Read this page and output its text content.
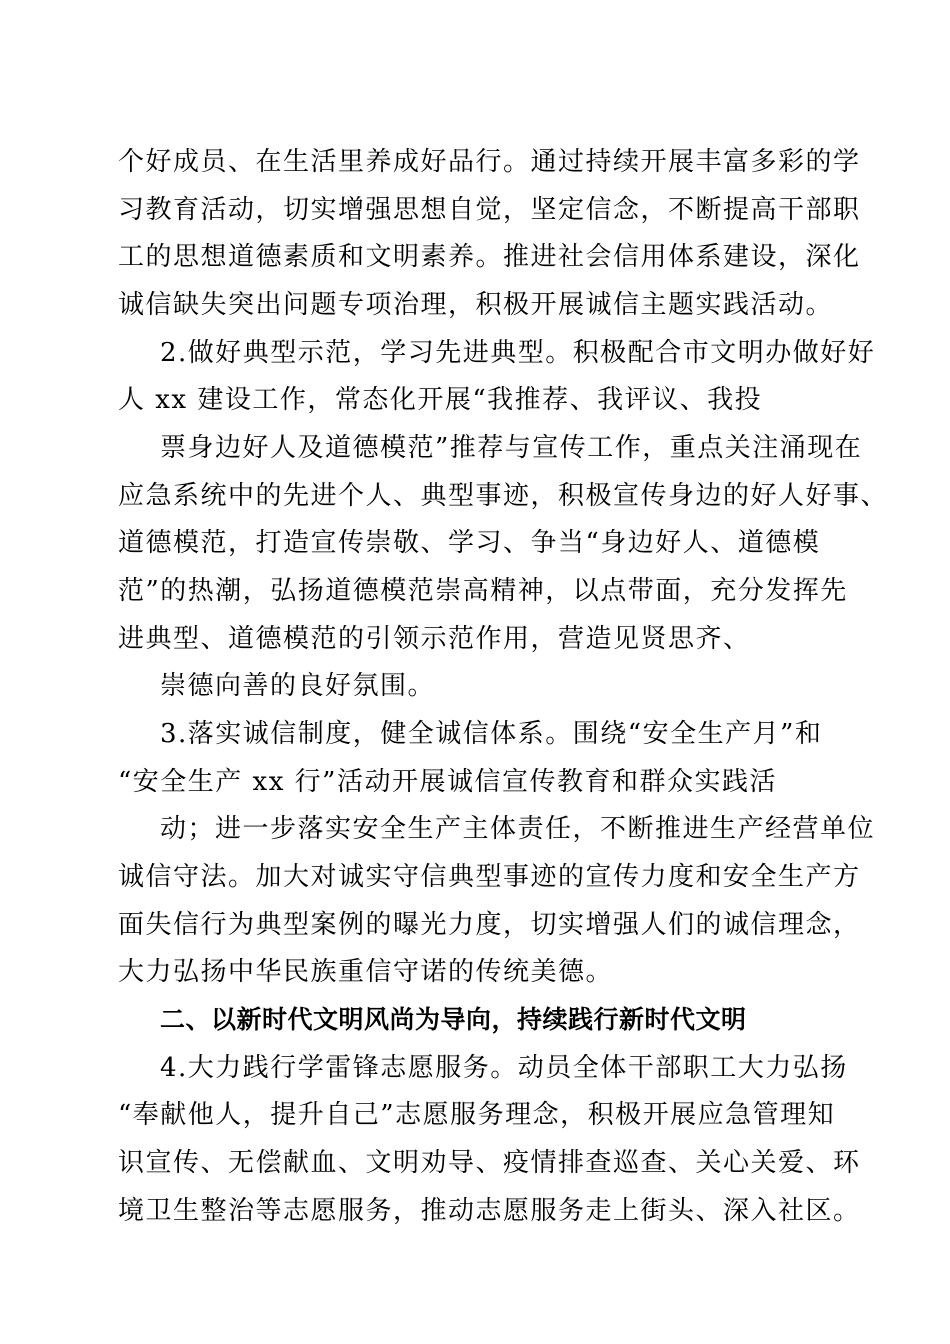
个好成员、在生活里养成好品行。通过持续开展丰富多彩的学
习教育活动，切实增强思想自觉，坚定信念，不断提高干部职
工的思想道德素质和文明素养。推进社会信用体系建设，深化
诚信缺失突出问题专项治理，积极开展诚信主题实践活动。
2.做好典型示范，学习先进典型。积极配合市文明办做好好
人 xx 建设工作，常态化开展“我推荐、我评议、我投
票身边好人及道德模范”推荐与宣传工作，重点关注涌现在
应急系统中的先进个人、典型事迹，积极宣传身边的好人好事、
道德模范，打造宣传崇敬、学习、争当“身边好人、道德模
范”的热潮，弘扬道德模范崇高精神，以点带面，充分发挥先
进典型、道德模范的引领示范作用，营造见贤思齐、
崇德向善的良好氛围。
3.落实诚信制度，健全诚信体系。围绕“安全生产月”和
“安全生产 xx 行”活动开展诚信宣传教育和群众实践活
动；进一步落实安全生产主体责任，不断推进生产经营单位
诚信守法。加大对诚实守信典型事迹的宣传力度和安全生产方
面失信行为典型案例的曝光力度，切实增强人们的诚信理念，
大力弘扬中华民族重信守诺的传统美德。
二、以新时代文明风尚为导向，持续践行新时代文明
4.大力践行学雷锋志愿服务。动员全体干部职工大力弘扬
“奉献他人，提升自己”志愿服务理念，积极开展应急管理知
识宣传、无偿献血、文明劝导、疫情排查巡查、关心关爱、环
境卫生整治等志愿服务，推动志愿服务走上街头、深入社区。
